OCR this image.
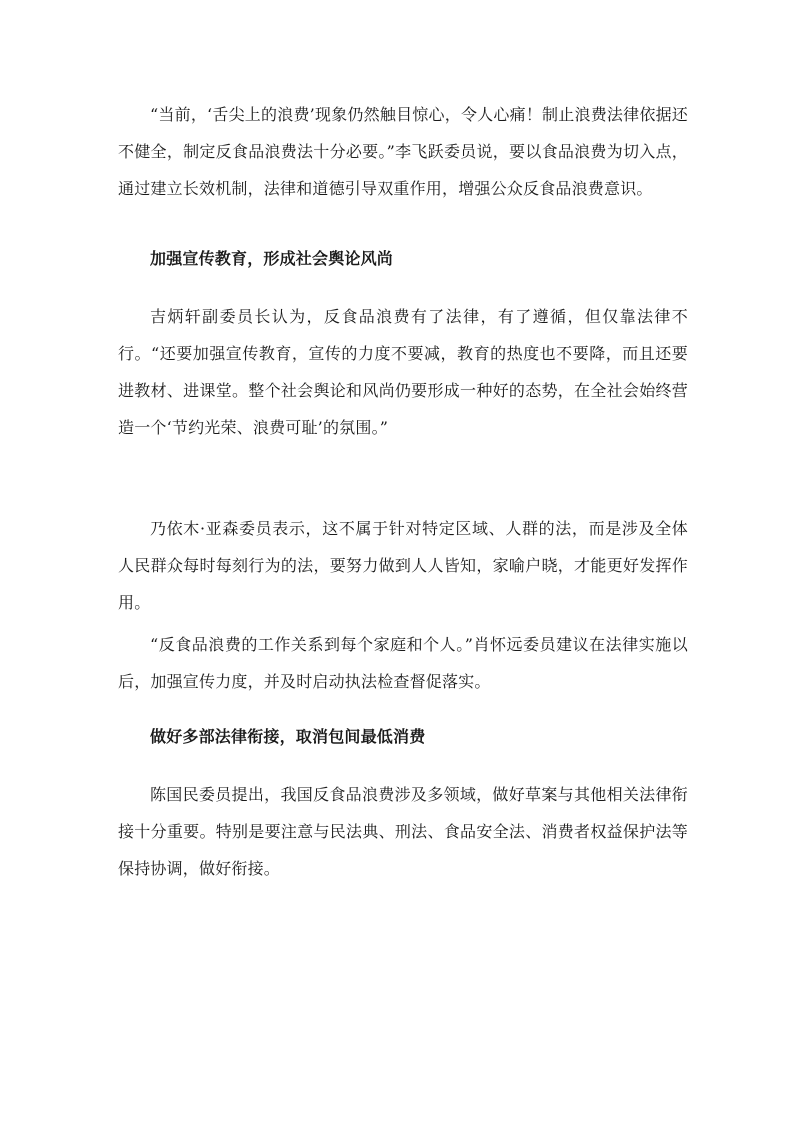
“当前，‘舌尖上的浪费’现象仍然触目惊心，令人心痛！制止浪费法律依据还不健全，制定反食品浪费法十分必要。”李飞跃委员说，要以食品浪费为切入点，通过建立长效机制，法律和道德引导双重作用，增强公众反食品浪费意识。

加强宣传教育，形成社会舆论风尚

吉炳轩副委员长认为，反食品浪费有了法律，有了遵循，但仅靠法律不行。“还要加强宣传教育，宣传的力度不要减，教育的热度也不要降，而且还要进教材、进课堂。整个社会舆论和风尚仍要形成一种好的态势，在全社会始终营造一个‘节约光荣、浪费可耻’的氛围。”

乃依木·亚森委员表示，这不属于针对特定区域、人群的法，而是涉及全体人民群众每时每刻行为的法，要努力做到人人皆知，家喻户晓，才能更好发挥作用。

“反食品浪费的工作关系到每个家庭和个人。”肖怀远委员建议在法律实施以后，加强宣传力度，并及时启动执法检查督促落实。

做好多部法律衔接，取消包间最低消费

陈国民委员提出，我国反食品浪费涉及多领域，做好草案与其他相关法律衔接十分重要。特别是要注意与民法典、刑法、食品安全法、消费者权益保护法等保持协调，做好衔接。
